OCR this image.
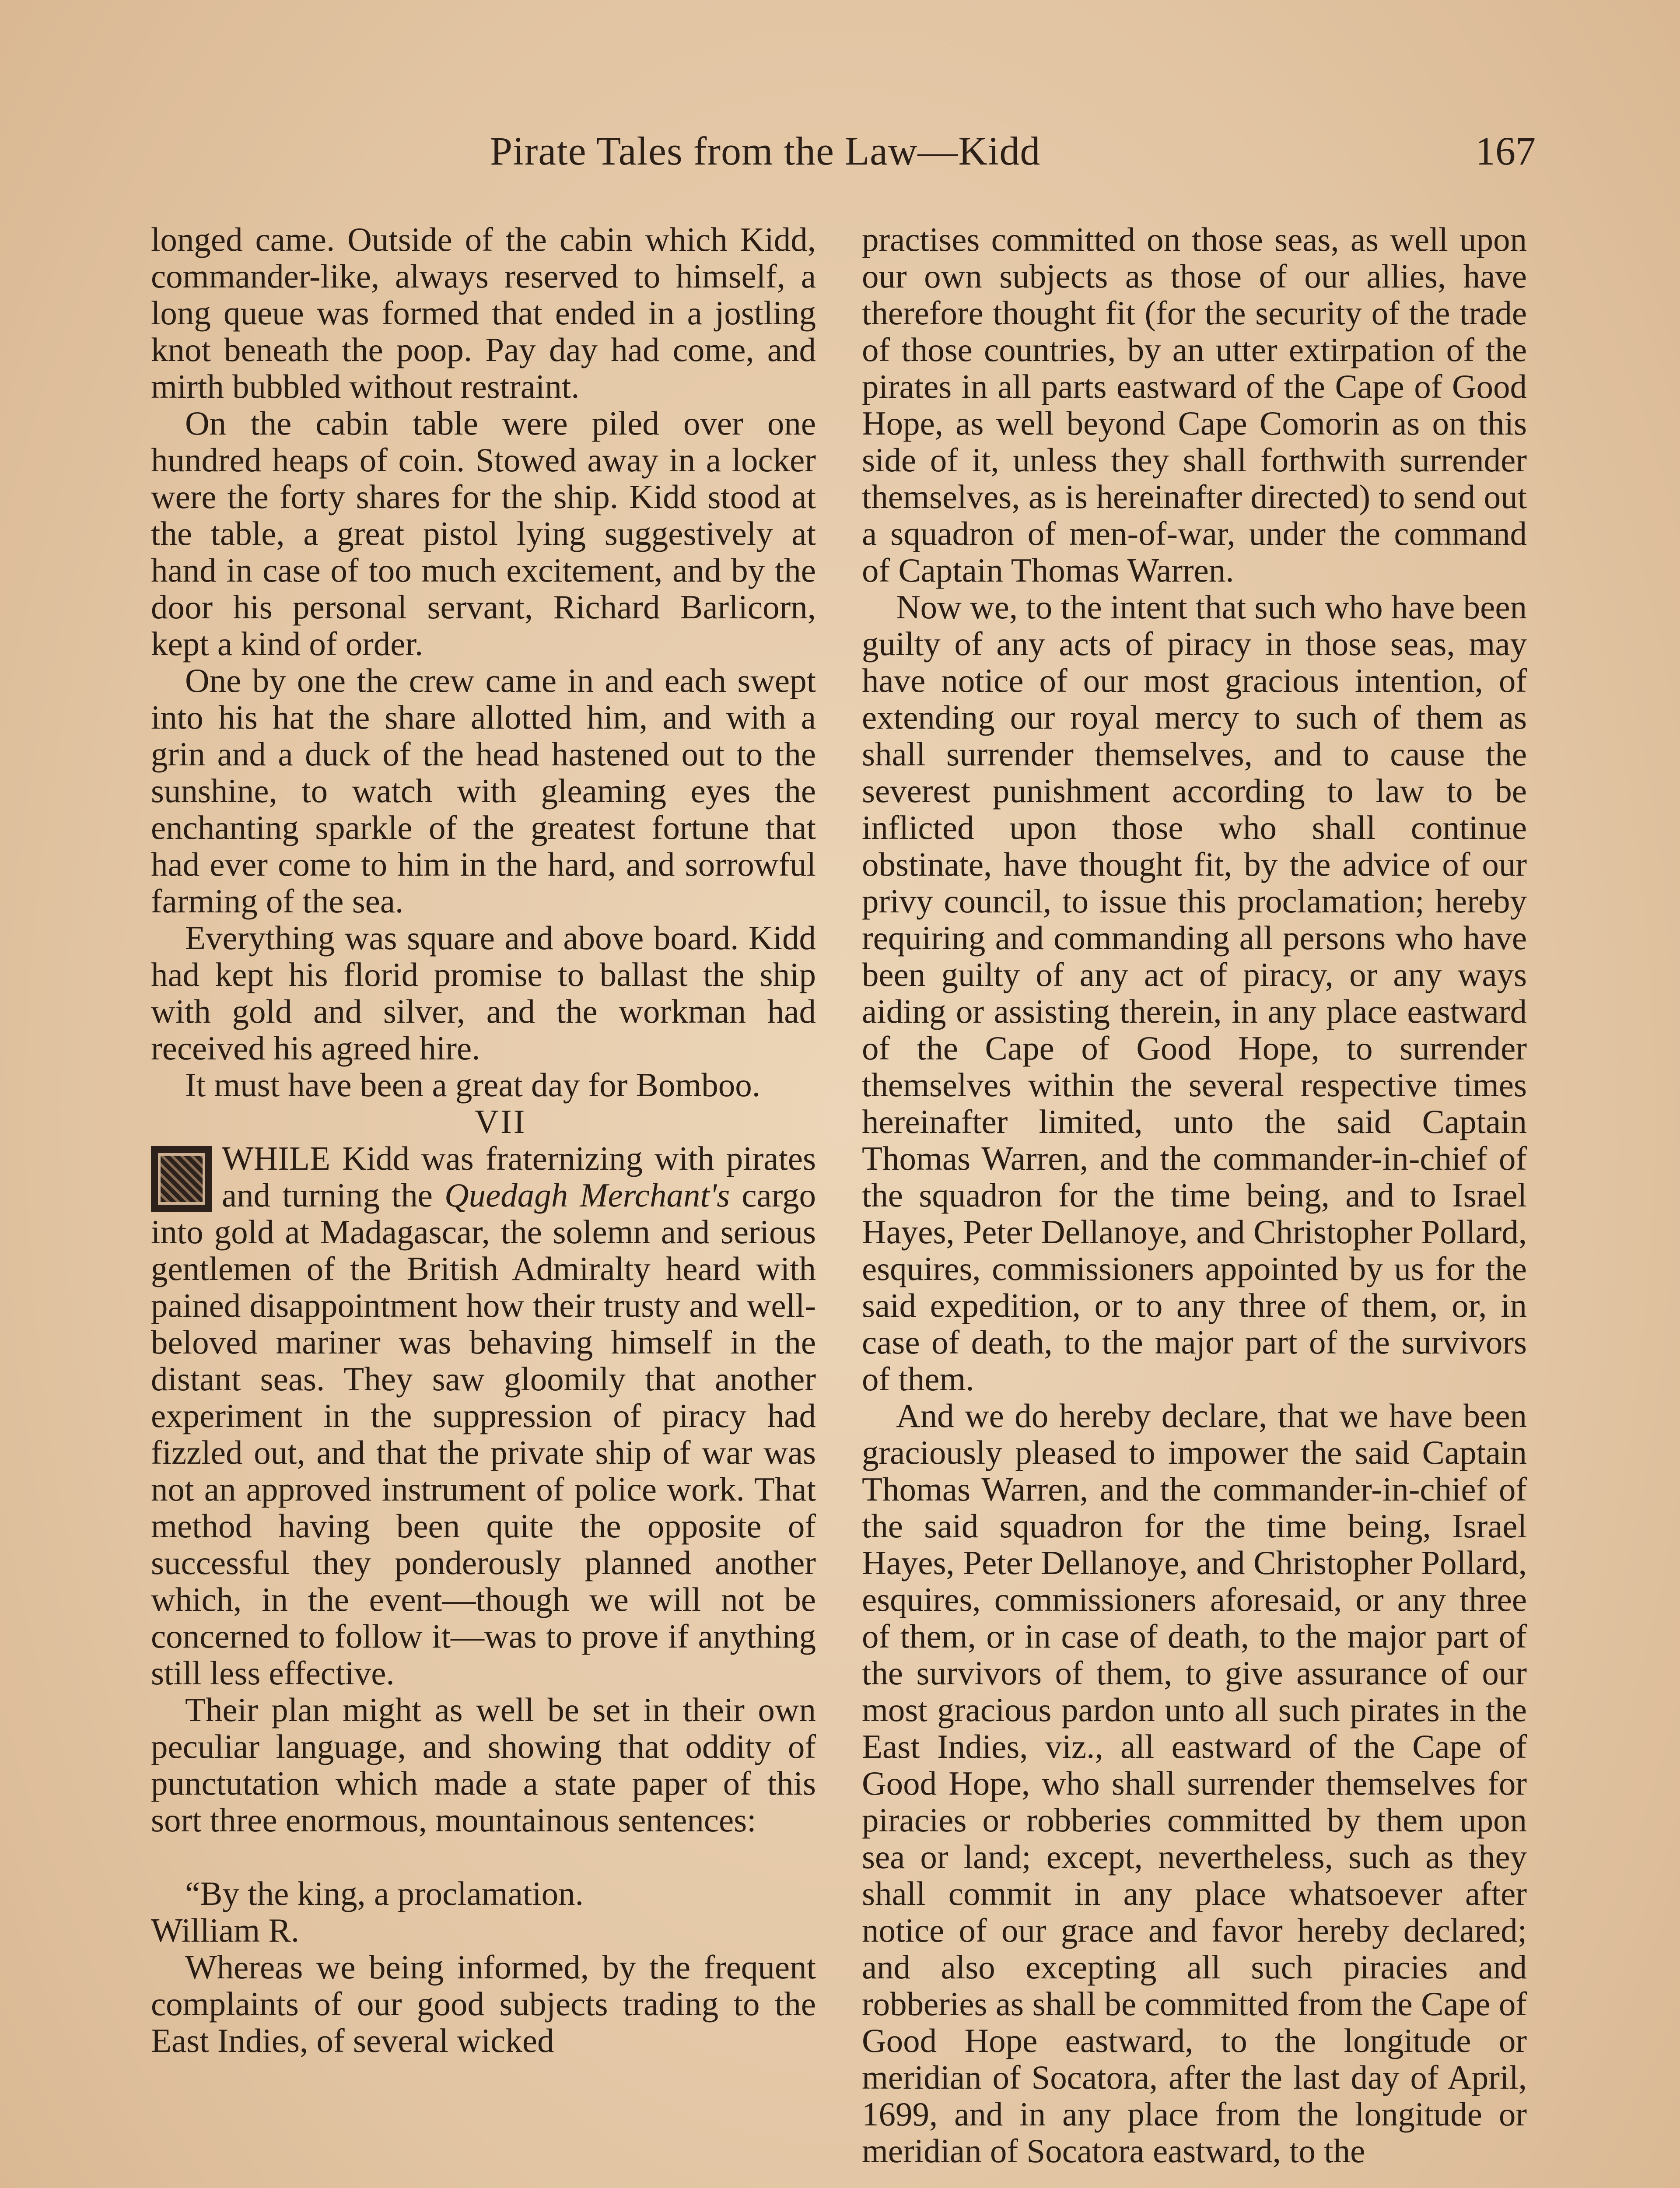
Pirate Tales from the Law—Kidd	167

longed came. Outside of the cabin which Kidd, commander-like, always reserved to himself, a long queue was formed that ended in a jostling knot beneath the poop. Pay day had come, and mirth bubbled without restraint.

On the cabin table were piled over one hundred heaps of coin. Stowed away in a locker were the forty shares for the ship. Kidd stood at the table, a great pistol lying suggestively at hand in case of too much excitement, and by the door his personal servant, Richard Barlicorn, kept a kind of order.

One by one the crew came in and each swept into his hat the share allotted him, and with a grin and a duck of the head hastened out to the sunshine, to watch with gleaming eyes the enchanting sparkle of the greatest fortune that had ever come to him in the hard, and sorrowful farming of the sea.

Everything was square and above board. Kidd had kept his florid promise to ballast the ship with gold and silver, and the workman had received his agreed hire.

It must have been a great day for Bomboo.

VII

WHILE Kidd was fraternizing with pirates and turning the Quedagh Merchant's cargo into gold at Madagascar, the solemn and serious gentlemen of the British Admiralty heard with pained disappointment how their trusty and well-beloved mariner was behaving himself in the distant seas. They saw gloomily that another experiment in the suppression of piracy had fizzled out, and that the private ship of war was not an approved instrument of police work. That method having been quite the opposite of successful they ponderously planned another which, in the event—though we will not be concerned to follow it—was to prove if anything still less effective.

Their plan might as well be set in their own peculiar language, and showing that oddity of punctutation which made a state paper of this sort three enormous, mountainous sentences:

“By the king, a proclamation.

William R.

Whereas we being informed, by the frequent complaints of our good subjects trading to the East Indies, of several wicked

practises committed on those seas, as well upon our own subjects as those of our allies, have therefore thought fit (for the security of the trade of those countries, by an utter extirpation of the pirates in all parts eastward of the Cape of Good Hope, as well beyond Cape Comorin as on this side of it, unless they shall forthwith surrender themselves, as is hereinafter directed) to send out a squadron of men-of-war, under the command of Captain Thomas Warren.

Now we, to the intent that such who have been guilty of any acts of piracy in those seas, may have notice of our most gracious intention, of extending our royal mercy to such of them as shall surrender themselves, and to cause the severest punishment according to law to be inflicted upon those who shall continue obstinate, have thought fit, by the advice of our privy council, to issue this proclamation; hereby requiring and commanding all persons who have been guilty of any act of piracy, or any ways aiding or assisting therein, in any place eastward of the Cape of Good Hope, to surrender themselves within the several respective times hereinafter limited, unto the said Captain Thomas Warren, and the commander-in-chief of the squadron for the time being, and to Israel Hayes, Peter Dellanoye, and Christopher Pollard, esquires, commissioners appointed by us for the said expedition, or to any three of them, or, in case of death, to the major part of the survivors of them.

And we do hereby declare, that we have been graciously pleased to impower the said Captain Thomas Warren, and the commander-in-chief of the said squadron for the time being, Israel Hayes, Peter Dellanoye, and Christopher Pollard, esquires, commissioners aforesaid, or any three of them, or in case of death, to the major part of the survivors of them, to give assurance of our most gracious pardon unto all such pirates in the East Indies, viz., all eastward of the Cape of Good Hope, who shall surrender themselves for piracies or robberies committed by them upon sea or land; except, nevertheless, such as they shall commit in any place whatsoever after notice of our grace and favor hereby declared; and also excepting all such piracies and robberies as shall be committed from the Cape of Good Hope eastward, to the longitude or meridian of Socatora, after the last day of April, 1699, and in any place from the longitude or meridian of Socatora eastward, to the
